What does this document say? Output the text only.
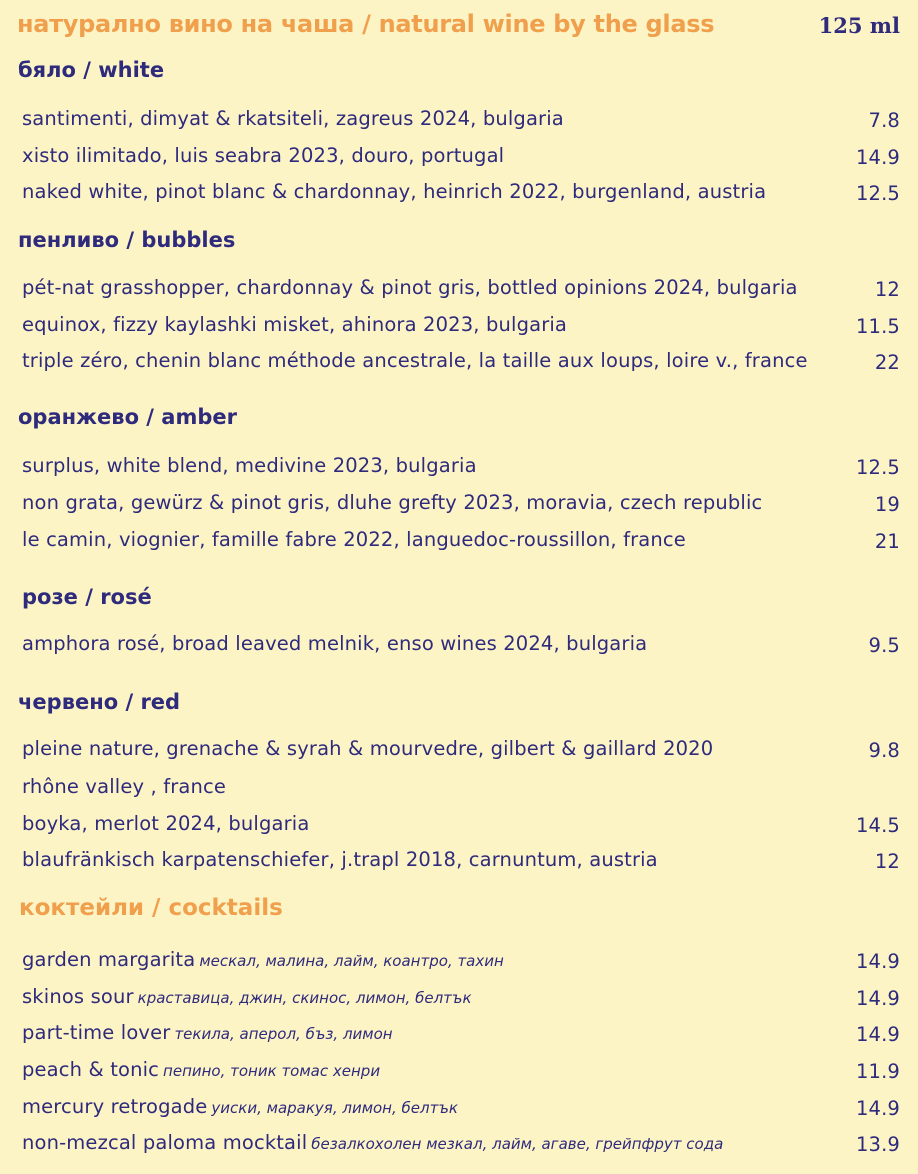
натурално вино на чаша / natural wine by the glass	125 ml
бяло / white
santimenti, dimyat & rkatsiteli, zagreus 2024, bulgaria	7.8
xisto ilimitado, luis seabra 2023, douro, portugal	14.9
naked white, pinot blanc & chardonnay, heinrich 2022, burgenland, austria	12.5
пенливо / bubbles
pét-nat grasshopper, chardonnay & pinot gris, bottled opinions 2024, bulgaria	12
equinox, fizzy kaylashki misket, ahinora 2023, bulgaria	11.5
triple zéro, chenin blanc méthode ancestrale, la taille aux loups, loire v., france	22
оранжево / amber
surplus, white blend, medivine 2023, bulgaria	12.5
non grata, gewürz & pinot gris, dluhe grefty 2023, moravia, czech republic	19
le camin, viognier, famille fabre 2022, languedoc-roussillon, france	21
розе / rosé
amphora rosé, broad leaved melnik, enso wines 2024, bulgaria	9.5
червено / red
pleine nature, grenache & syrah & mourvedre, gilbert & gaillard 2020	9.8
rhône valley , france
boyka, merlot 2024, bulgaria	14.5
blaufränkisch karpatenschiefer, j.trapl 2018, carnuntum, austria	12
коктейли / cocktails
garden margarita мескал, малина, лайм, коантро, тахин	14.9
skinos sour краставица, джин, скинос, лимон, белтък	14.9
part-time lover текила, аперол, бъз, лимон	14.9
peach & tonic пепино, тоник томас хенри	11.9
mercury retrogade уиски, маракуя, лимон, белтък	14.9
non-mezcal paloma mocktail безалкохолен мезкал, лайм, агаве, грейпфрут сода	13.9
